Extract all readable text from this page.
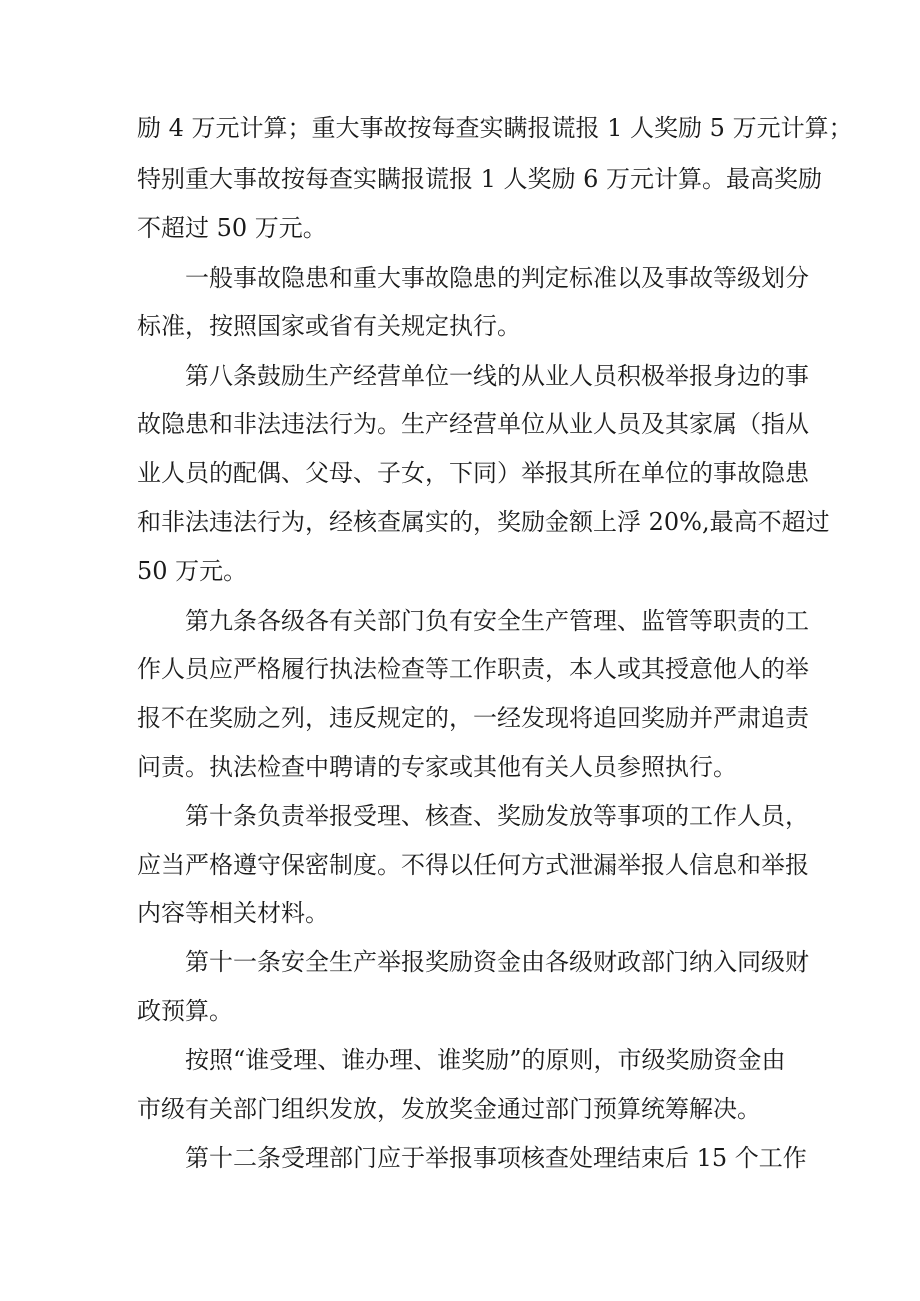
励 4 万元计算；重大事故按每查实瞒报谎报 1 人奖励 5 万元计算；

特别重大事故按每查实瞒报谎报 1 人奖励 6 万元计算。最高奖励

不超过 50 万元。

一般事故隐患和重大事故隐患的判定标准以及事故等级划分

标准，按照国家或省有关规定执行。

第八条鼓励生产经营单位一线的从业人员积极举报身边的事

故隐患和非法违法行为。生产经营单位从业人员及其家属（指从

业人员的配偶、父母、子女，下同）举报其所在单位的事故隐患

和非法违法行为，经核查属实的，奖励金额上浮 20%,最高不超过

50 万元。

第九条各级各有关部门负有安全生产管理、监管等职责的工

作人员应严格履行执法检查等工作职责，本人或其授意他人的举

报不在奖励之列，违反规定的，一经发现将追回奖励并严肃追责

问责。执法检查中聘请的专家或其他有关人员参照执行。

第十条负责举报受理、核查、奖励发放等事项的工作人员，

应当严格遵守保密制度。不得以任何方式泄漏举报人信息和举报

内容等相关材料。

第十一条安全生产举报奖励资金由各级财政部门纳入同级财

政预算。

按照“谁受理、谁办理、谁奖励”的原则，市级奖励资金由

市级有关部门组织发放，发放奖金通过部门预算统筹解决。

第十二条受理部门应于举报事项核查处理结束后 15 个工作
